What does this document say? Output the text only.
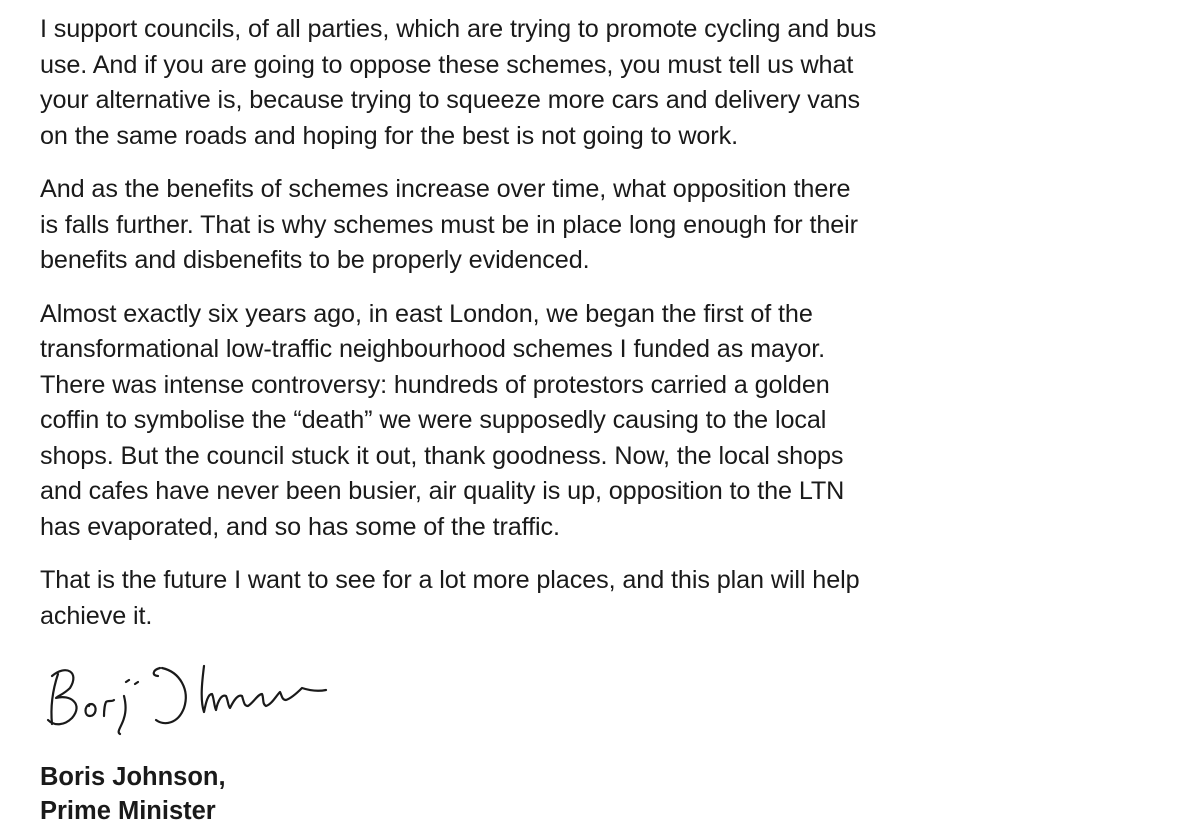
I support councils, of all parties, which are trying to promote cycling and bus
use. And if you are going to oppose these schemes, you must tell us what
your alternative is, because trying to squeeze more cars and delivery vans
on the same roads and hoping for the best is not going to work.

And as the benefits of schemes increase over time, what opposition there
is falls further. That is why schemes must be in place long enough for their
benefits and disbenefits to be properly evidenced.

Almost exactly six years ago, in east London, we began the first of the
transformational low-traffic neighbourhood schemes I funded as mayor.
There was intense controversy: hundreds of protestors carried a golden
coffin to symbolise the “death” we were supposedly causing to the local
shops. But the council stuck it out, thank goodness. Now, the local shops
and cafes have never been busier, air quality is up, opposition to the LTN
has evaporated, and so has some of the traffic.

That is the future I want to see for a lot more places, and this plan will help
achieve it.

Boris Johnson,
Prime Minister
